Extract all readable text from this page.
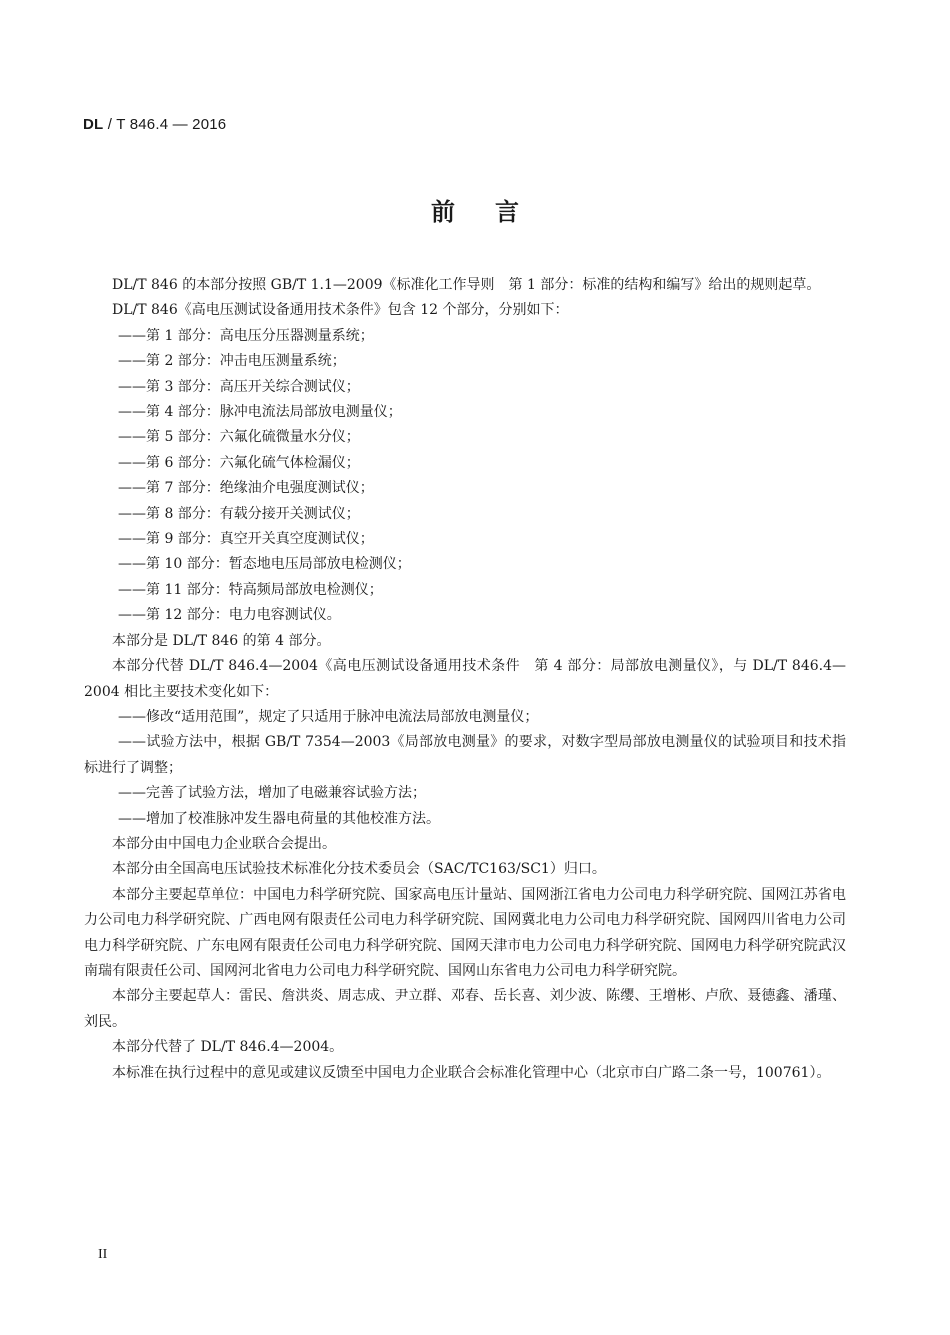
DL / T 846.4 — 2016
前言

DL/T 846 的本部分按照 GB/T 1.1—2009《标准化工作导则　第 1 部分：标准的结构和编写》给出的规则起草。

DL/T 846《高电压测试设备通用技术条件》包含 12 个部分，分别如下：

——第 1 部分：高电压分压器测量系统；

——第 2 部分：冲击电压测量系统；

——第 3 部分：高压开关综合测试仪；

——第 4 部分：脉冲电流法局部放电测量仪；

——第 5 部分：六氟化硫微量水分仪；

——第 6 部分：六氟化硫气体检漏仪；

——第 7 部分：绝缘油介电强度测试仪；

——第 8 部分：有载分接开关测试仪；

——第 9 部分：真空开关真空度测试仪；

——第 10 部分：暂态地电压局部放电检测仪；

——第 11 部分：特高频局部放电检测仪；

——第 12 部分：电力电容测试仪。

本部分是 DL/T 846 的第 4 部分。

本部分代替 DL/T 846.4—2004《高电压测试设备通用技术条件　第 4 部分：局部放电测量仪》，与 DL/T 846.4—2004 相比主要技术变化如下：

——修改“适用范围”，规定了只适用于脉冲电流法局部放电测量仪；

——试验方法中，根据 GB/T 7354—2003《局部放电测量》的要求，对数字型局部放电测量仪的试验项目和技术指标进行了调整；

——完善了试验方法，增加了电磁兼容试验方法；

——增加了校准脉冲发生器电荷量的其他校准方法。

本部分由中国电力企业联合会提出。

本部分由全国高电压试验技术标准化分技术委员会（SAC/TC163/SC1）归口。

本部分主要起草单位：中国电力科学研究院、国家高电压计量站、国网浙江省电力公司电力科学研究院、国网江苏省电力公司电力科学研究院、广西电网有限责任公司电力科学研究院、国网冀北电力公司电力科学研究院、国网四川省电力公司电力科学研究院、广东电网有限责任公司电力科学研究院、国网天津市电力公司电力科学研究院、国网电力科学研究院武汉南瑞有限责任公司、国网河北省电力公司电力科学研究院、国网山东省电力公司电力科学研究院。

本部分主要起草人：雷民、詹洪炎、周志成、尹立群、邓春、岳长喜、刘少波、陈缨、王增彬、卢欣、聂德鑫、潘瑾、刘民。

本部分代替了 DL/T 846.4—2004。

本标准在执行过程中的意见或建议反馈至中国电力企业联合会标准化管理中心（北京市白广路二条一号，100761）。

II
